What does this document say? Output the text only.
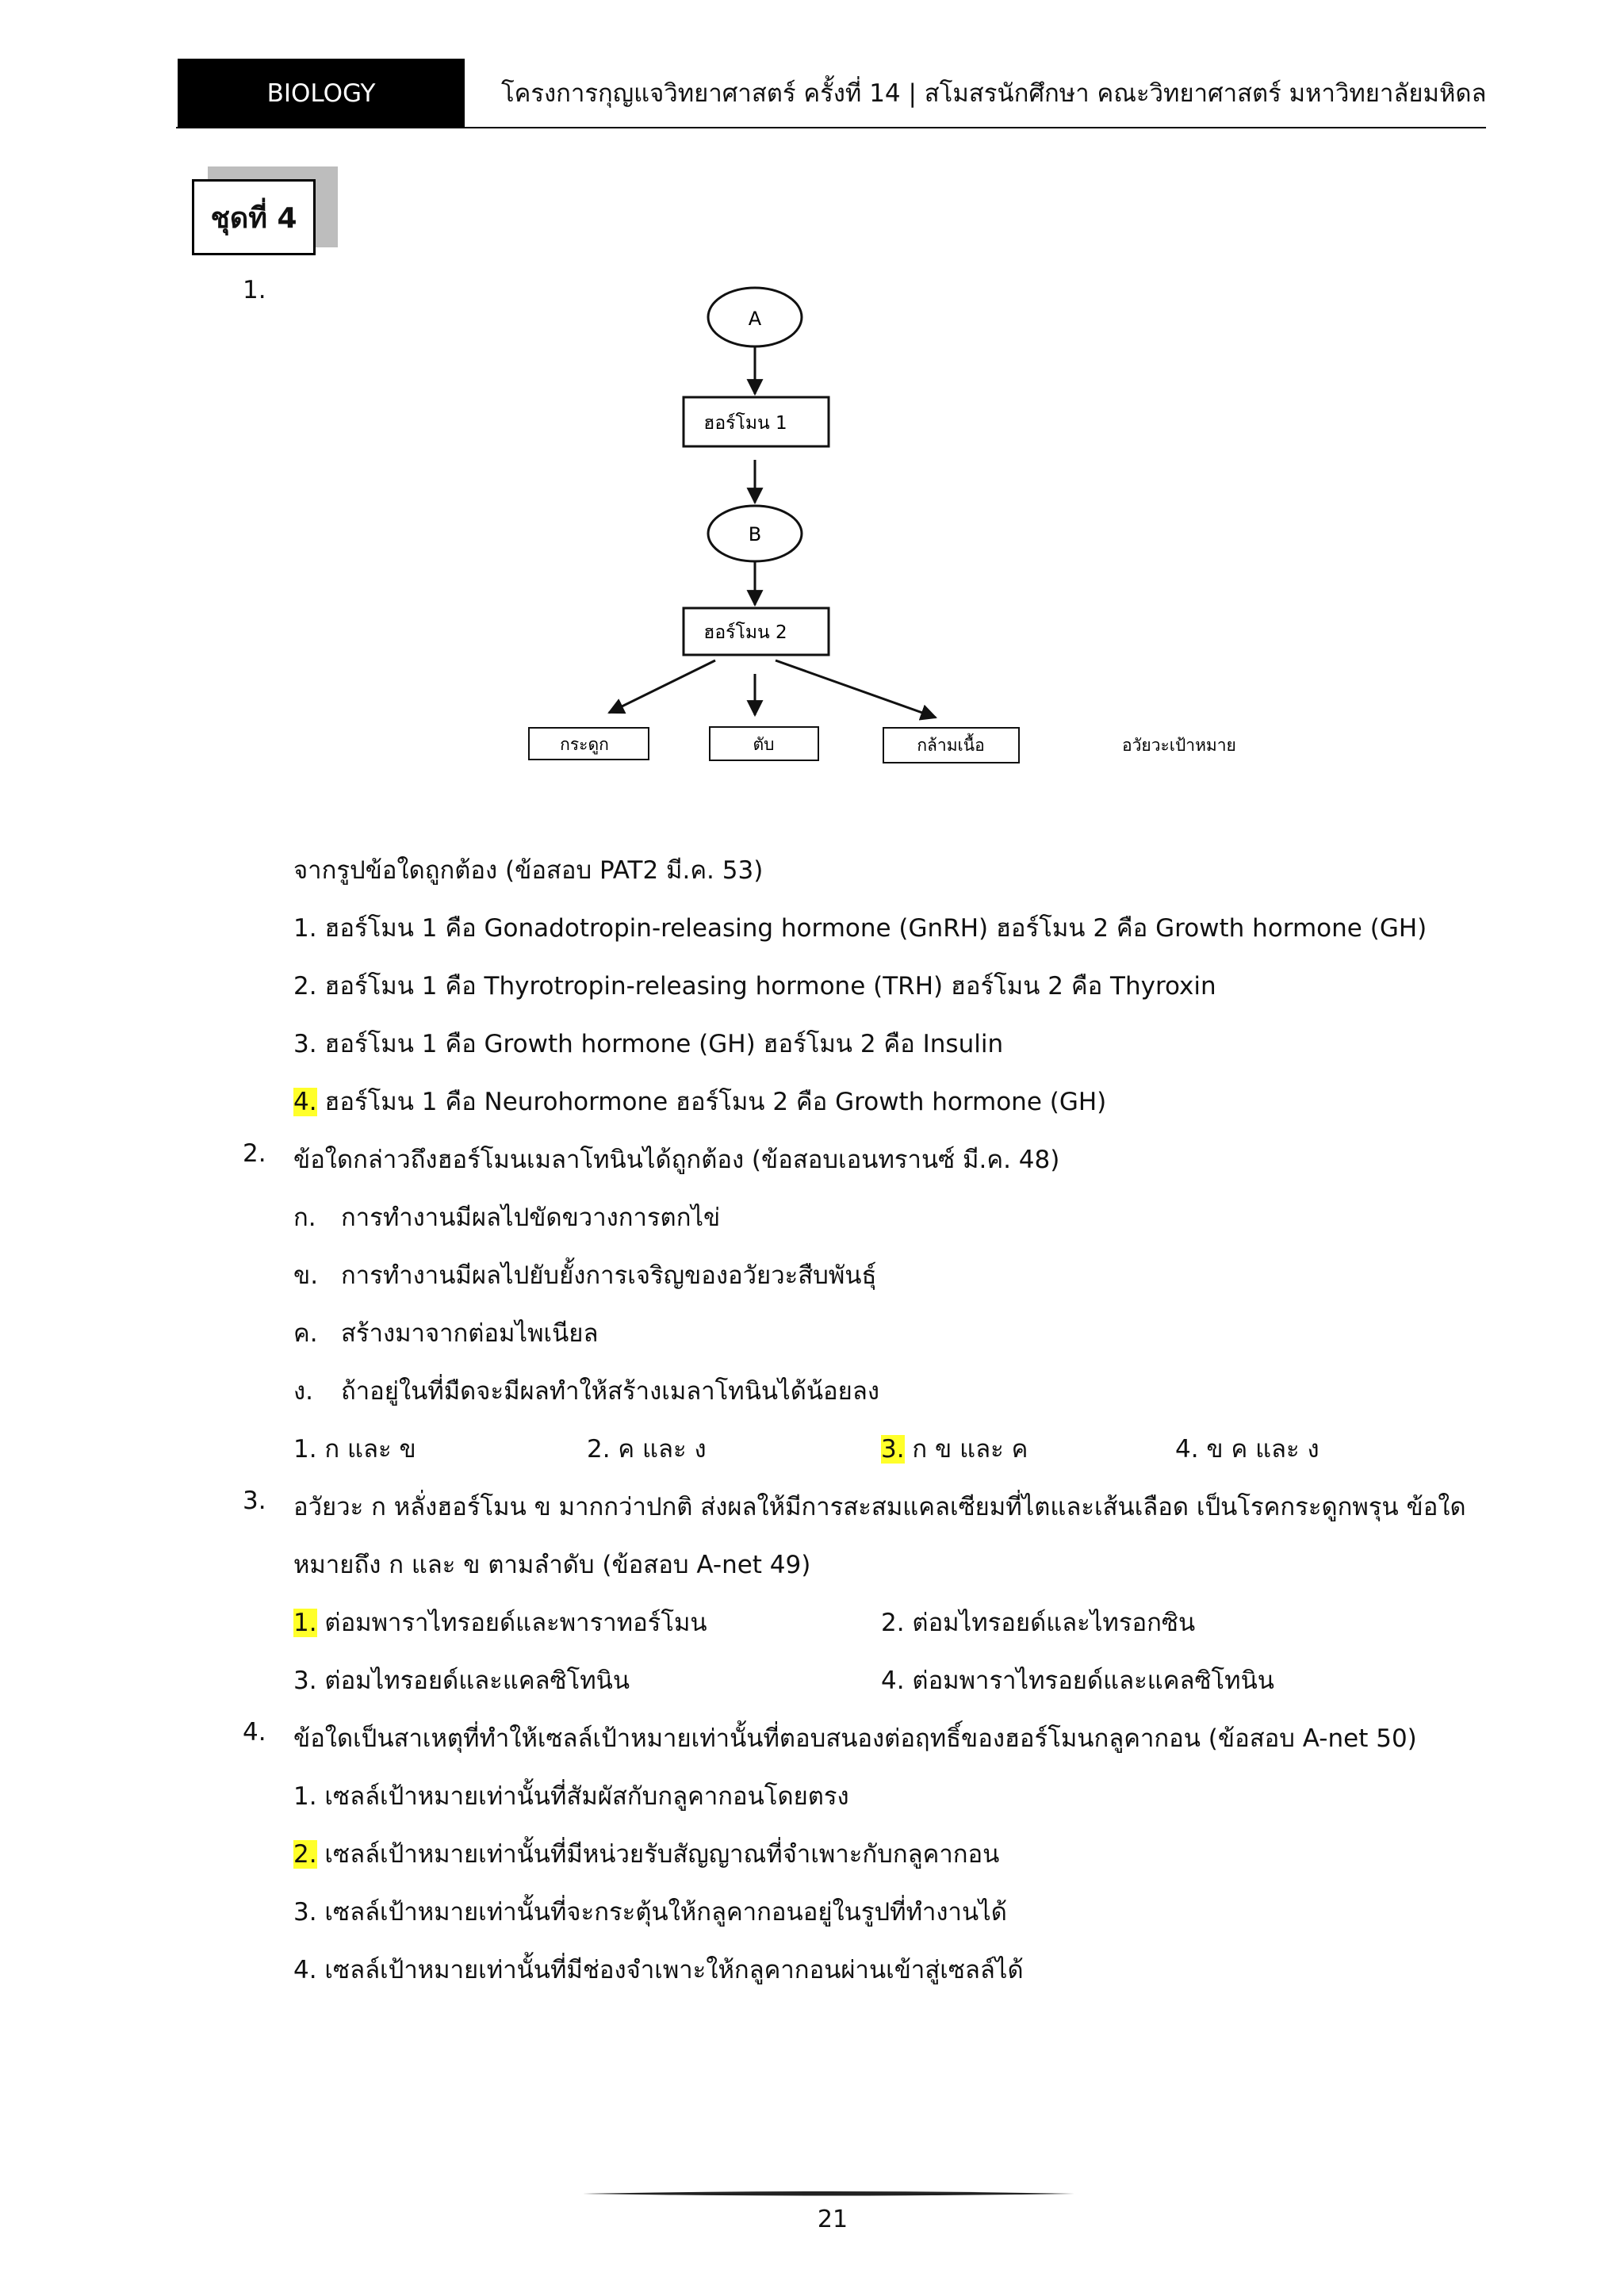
BIOLOGY	โครงการกุญแจวิทยาศาสตร์ ครั้งที่ 14 | สโมสรนักศึกษา คณะวิทยาศาสตร์ มหาวิทยาลัยมหิดล
ชุดที่ 4
1.
A
ฮอร์โมน 1
B
ฮอร์โมน 2
กระดูก	ตับ	กล้ามเนื้อ	อวัยวะเป้าหมาย
จากรูปข้อใดถูกต้อง (ข้อสอบ PAT2 มี.ค. 53)
1. ฮอร์โมน 1 คือ Gonadotropin-releasing hormone (GnRH) ฮอร์โมน 2 คือ Growth hormone (GH)
2. ฮอร์โมน 1 คือ Thyrotropin-releasing hormone (TRH) ฮอร์โมน 2 คือ Thyroxin
3. ฮอร์โมน 1 คือ Growth hormone (GH) ฮอร์โมน 2 คือ Insulin
4. ฮอร์โมน 1 คือ Neurohormone ฮอร์โมน 2 คือ Growth hormone (GH)
2. ข้อใดกล่าวถึงฮอร์โมนเมลาโทนินได้ถูกต้อง (ข้อสอบเอนทรานซ์ มี.ค. 48)
ก. การทำงานมีผลไปขัดขวางการตกไข่
ข. การทำงานมีผลไปยับยั้งการเจริญของอวัยวะสืบพันธุ์
ค. สร้างมาจากต่อมไพเนียล
ง. ถ้าอยู่ในที่มืดจะมีผลทำให้สร้างเมลาโทนินได้น้อยลง
1. ก และ ข	2. ค และ ง	3. ก ข และ ค	4. ข ค และ ง
3. อวัยวะ ก หลั่งฮอร์โมน ข มากกว่าปกติ ส่งผลให้มีการสะสมแคลเซียมที่ไตและเส้นเลือด เป็นโรคกระดูกพรุน ข้อใด
หมายถึง ก และ ข ตามลำดับ (ข้อสอบ A-net 49)
1. ต่อมพาราไทรอยด์และพาราทอร์โมน	2. ต่อมไทรอยด์และไทรอกซิน
3. ต่อมไทรอยด์และแคลซิโทนิน	4. ต่อมพาราไทรอยด์และแคลซิโทนิน
4. ข้อใดเป็นสาเหตุที่ทำให้เซลล์เป้าหมายเท่านั้นที่ตอบสนองต่อฤทธิ์ของฮอร์โมนกลูคากอน (ข้อสอบ A-net 50)
1. เซลล์เป้าหมายเท่านั้นที่สัมผัสกับกลูคากอนโดยตรง
2. เซลล์เป้าหมายเท่านั้นที่มีหน่วยรับสัญญาณที่จำเพาะกับกลูคากอน
3. เซลล์เป้าหมายเท่านั้นที่จะกระตุ้นให้กลูคากอนอยู่ในรูปที่ทำงานได้
4. เซลล์เป้าหมายเท่านั้นที่มีช่องจำเพาะให้กลูคากอนผ่านเข้าสู่เซลล์ได้
21
